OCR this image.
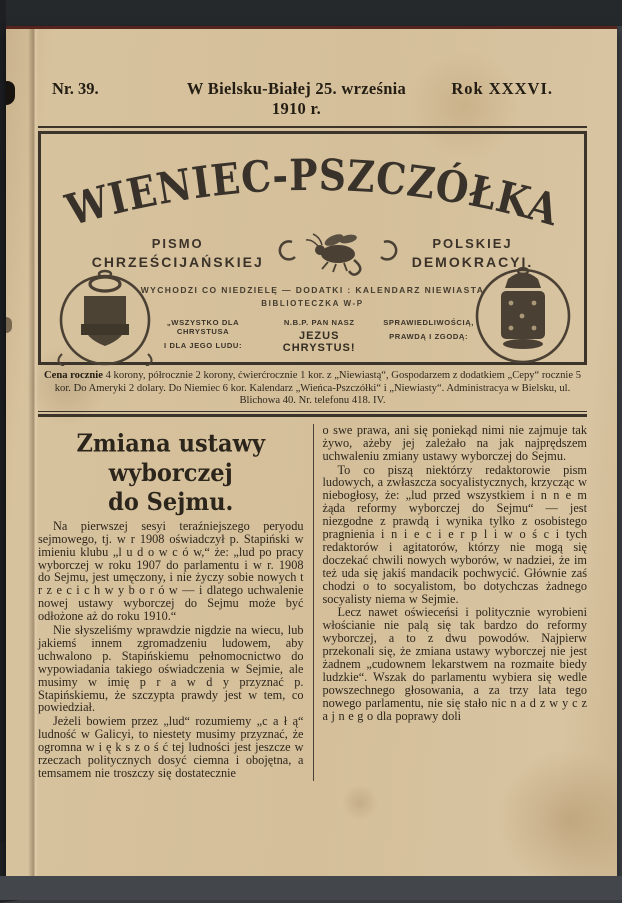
Nr. 39.	W Bielsku-Białej 25. września 1910 r.
Rok XXXVI.
WIENIEC-PSZCZÓŁKA
PISMO
CHRZEŚCIJAŃSKIEJ
POLSKIEJ
DEMOKRACYI.
WYCHODZI CO NIEDZIELĘ — DODATKI : KALENDARZ NIEWIASTA
BIBLIOTECZKA W-P
„WSZYSTKO DLA CHRYSTUSA
I DLA JEGO LUDU:
N.B.P. PAN NASZ
JEZUS CHRYSTUS!
SPRAWIEDLIWOŚCIĄ,
PRAWDĄ I ZGODĄ:
Cena rocznie 4 korony, półrocznie 2 korony, ćwierćrocznie 1 kor. z „Niewiastą“, Gospodarzem z dodatkiem „Cepy“ rocznie 5 kor. Do Ameryki 2 dolary. Do Niemiec 6 kor. Kalendarz „Wieńca-Pszczółki“ i „Niewiasty“. Administracya w Bielsku, ul. Blichowa 40. Nr. telefonu 418. IV.
Zmiana ustawy wyborczej
do Sejmu.

Na pierwszej sesyi teraźniejszego peryodu sejmowego, tj. w r 1908 oświadczył p. Stapiński w imieniu klubu „l u d o w c ó w,“ że: „lud po pracy wyborczej w roku 1907 do parlamentu i w r. 1908 do Sejmu, jest umęczony, i nie życzy sobie nowych t r z e c i c h w y b o r ó w — i dlatego uchwalenie nowej ustawy wyborczej do Sejmu może być odłożone aż do roku 1910.“

Nie słyszeliśmy wprawdzie nigdzie na wiecu, lub jakiemś innem zgromadzeniu ludowem, aby uchwalono p. Stapińskiemu pełnomocnictwo do wypowiadania takiego oświadczenia w Sejmie, ale musimy w imię p r a w d y przyznać p. Stapińskiemu, że szczypta prawdy jest w tem, co powiedział.

Jeżeli bowiem przez „lud“ rozumiemy „c a ł ą“ ludność w Galicyi, to niestety musimy przyznać, że ogromna w i ę k s z o ś ć tej ludności jest jeszcze w rzeczach politycznych dosyć ciemna i obojętna, a temsamem nie troszczy się dostatecznie

o swe prawa, ani się poniekąd nimi nie zajmuje tak żywo, ażeby jej zależało na jak najprędszem uchwaleniu zmiany ustawy wyborczej do Sejmu.

To co piszą niektórzy redaktorowie pism ludowych, a zwłaszcza socyalistycznych, krzycząc w niebogłosy, że: „lud przed wszystkiem i n n e m żąda reformy wyborczej do Sejmu“ — jest niezgodne z prawdą i wynika tylko z osobistego pragnienia i n i e c i e r p l i w o ś c i tych redaktorów i agitatorów, którzy nie mogą się doczekać chwili nowych wyborów, w nadziei, że im też uda się jakiś mandacik pochwycić. Głównie zaś chodzi o to socyalistom, bo dotychczas żadnego socyalisty niema w Sejmie.

Lecz nawet oświeceńsi i politycznie wyrobieni włościanie nie palą się tak bardzo do reformy wyborczej, a to z dwu powodów. Najpierw przekonali się, że zmiana ustawy wyborczej nie jest żadnem „cudownem lekarstwem na rozmaite biedy ludzkie“. Wszak do parlamentu wybiera się wedle powszechnego głosowania, a za trzy lata tego nowego parlamentu, nie się stało nic n a d z w y c z a j n e g o dla poprawy doli
